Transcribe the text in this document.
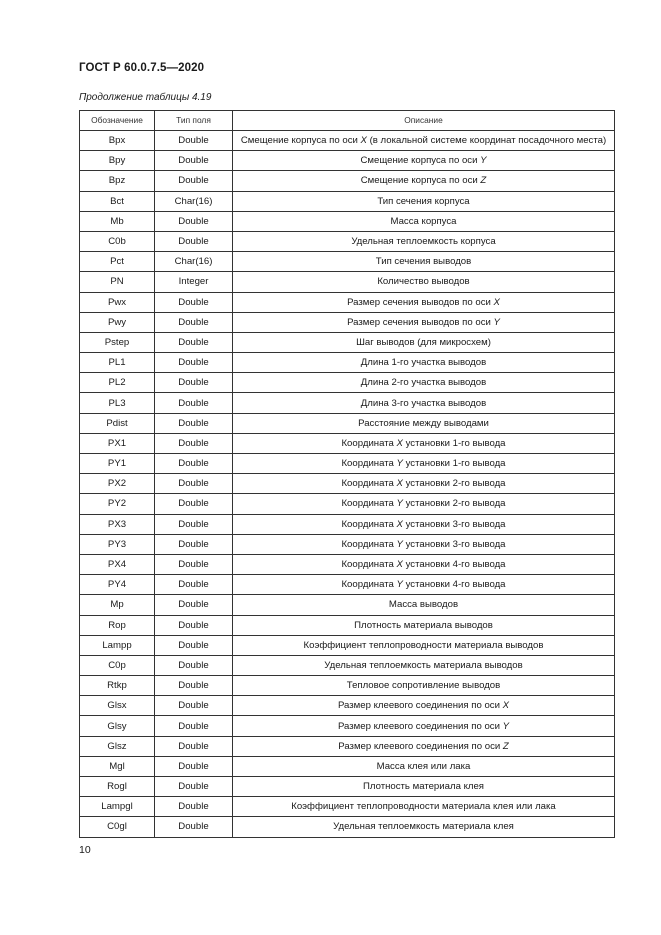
ГОСТ Р 60.0.7.5—2020
Продолжение таблицы 4.19
Обозначение	Тип поля	Описание
Bpx	Double	Смещение корпуса по оси X (в локальной системе координат посадочного места)
Bpy	Double	Смещение корпуса по оси Y
Bpz	Double	Смещение корпуса по оси Z
Bct	Char(16)	Тип сечения корпуса
Mb	Double	Масса корпуса
C0b	Double	Удельная теплоемкость корпуса
Pct	Char(16)	Тип сечения выводов
PN	Integer	Количество выводов
Pwx	Double	Размер сечения выводов по оси X
Pwy	Double	Размер сечения выводов по оси Y
Pstep	Double	Шаг выводов (для микросхем)
PL1	Double	Длина 1-го участка выводов
PL2	Double	Длина 2-го участка выводов
PL3	Double	Длина 3-го участка выводов
Pdist	Double	Расстояние между выводами
PX1	Double	Координата X установки 1-го вывода
PY1	Double	Координата Y установки 1-го вывода
PX2	Double	Координата X установки 2-го вывода
PY2	Double	Координата Y установки 2-го вывода
PX3	Double	Координата X установки 3-го вывода
PY3	Double	Координата Y установки 3-го вывода
PX4	Double	Координата X установки 4-го вывода
PY4	Double	Координата Y установки 4-го вывода
Mp	Double	Масса выводов
Rop	Double	Плотность материала выводов
Lampp	Double	Коэффициент теплопроводности материала выводов
C0p	Double	Удельная теплоемкость материала выводов
Rtkp	Double	Тепловое сопротивление выводов
Glsx	Double	Размер клеевого соединения по оси X
Glsy	Double	Размер клеевого соединения по оси Y
Glsz	Double	Размер клеевого соединения по оси Z
Mgl	Double	Масса клея или лака
Rogl	Double	Плотность материала клея
Lampgl	Double	Коэффициент теплопроводности материала клея или лака
C0gl	Double	Удельная теплоемкость материала клея
10
